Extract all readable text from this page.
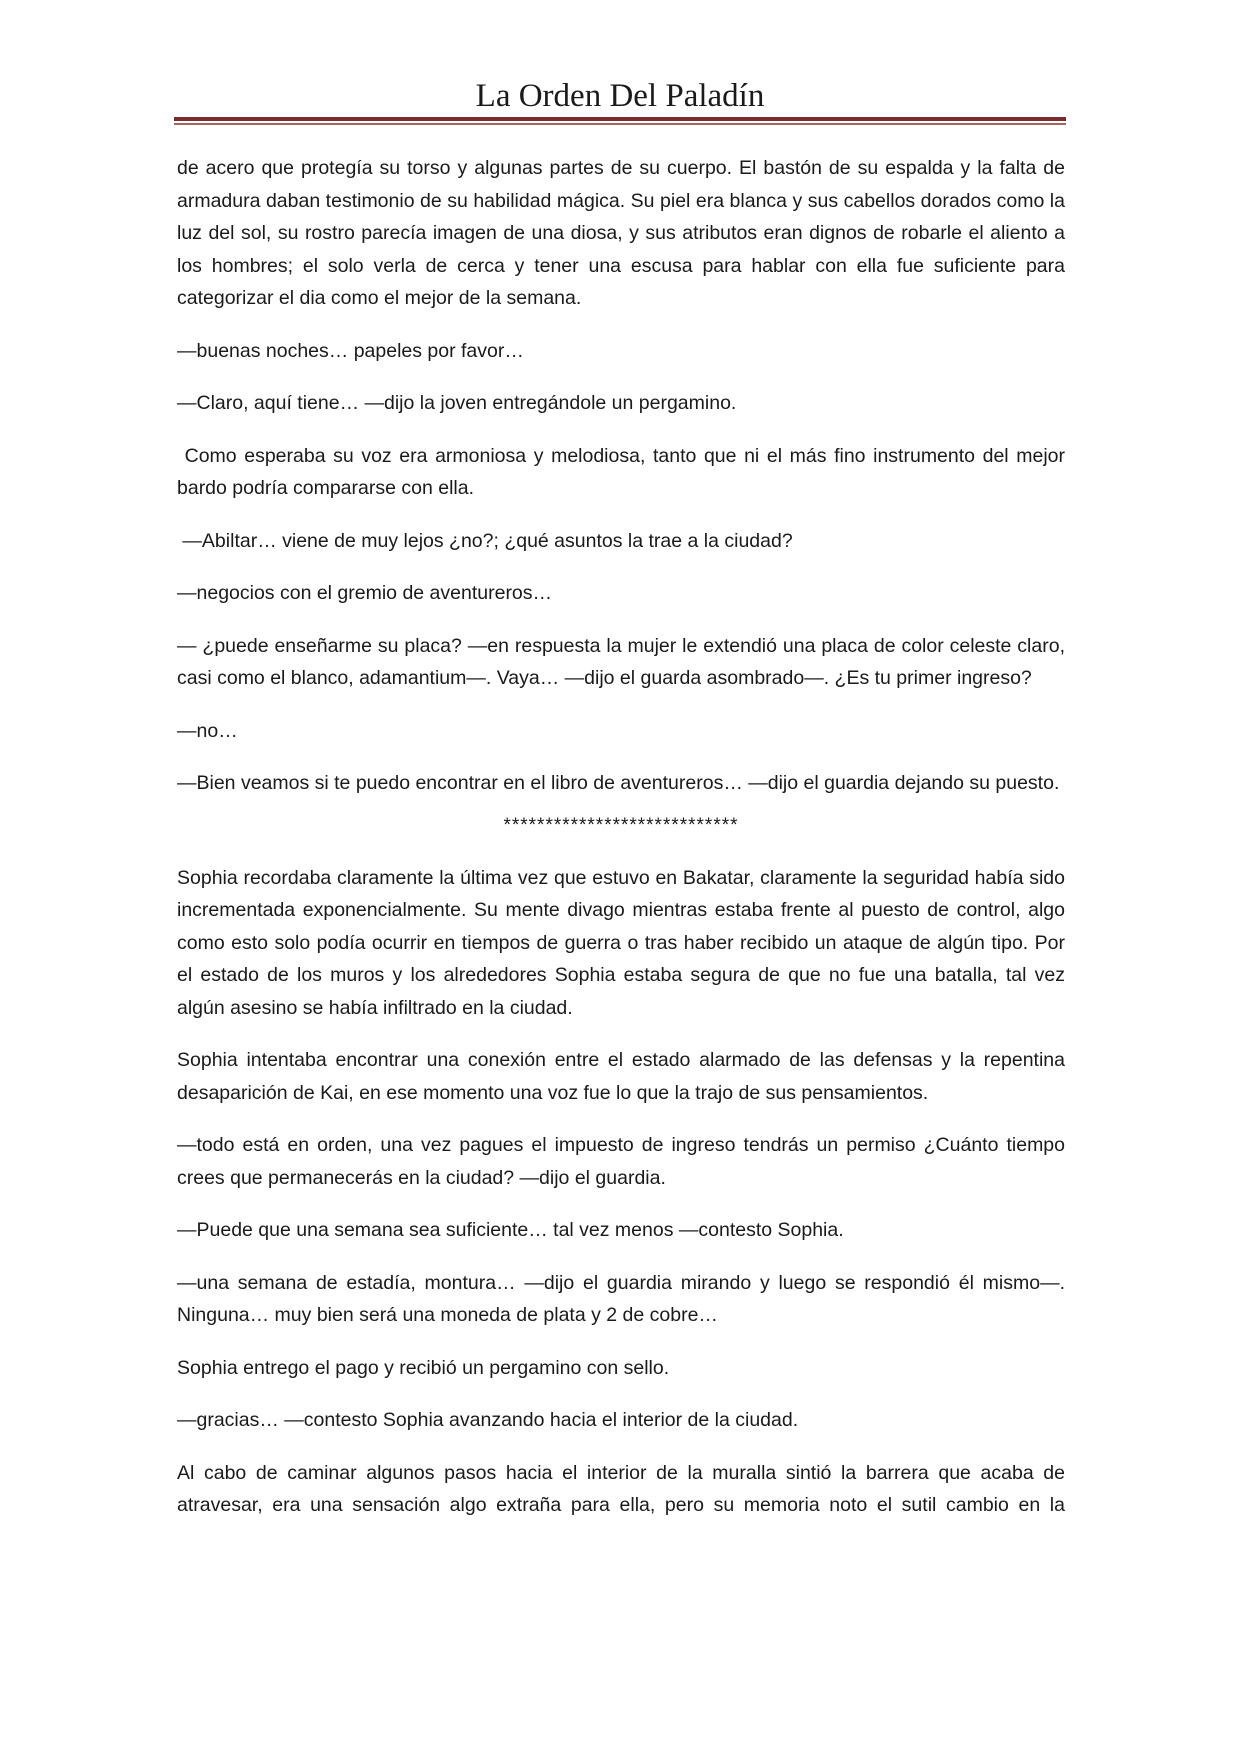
La Orden Del Paladín

de acero que protegía su torso y algunas partes de su cuerpo. El bastón de su espalda y la falta de armadura daban testimonio de su habilidad mágica. Su piel era blanca y sus cabellos dorados como la luz del sol, su rostro parecía imagen de una diosa, y sus atributos eran dignos de robarle el aliento a los hombres; el solo verla de cerca y tener una escusa para hablar con ella fue suficiente para categorizar el dia como el mejor de la semana.

—buenas noches… papeles por favor…

—Claro, aquí tiene… —dijo la joven entregándole un pergamino.

Como esperaba su voz era armoniosa y melodiosa, tanto que ni el más fino instrumento del mejor bardo podría compararse con ella.

—Abiltar… viene de muy lejos ¿no?; ¿qué asuntos la trae a la ciudad?

—negocios con el gremio de aventureros…

— ¿puede enseñarme su placa? —en respuesta la mujer le extendió una placa de color celeste claro, casi como el blanco, adamantium—. Vaya… —dijo el guarda asombrado—. ¿Es tu primer ingreso?

—no…

—Bien veamos si te puedo encontrar en el libro de aventureros… —dijo el guardia dejando su puesto.

****************************

Sophia recordaba claramente la última vez que estuvo en Bakatar, claramente la seguridad había sido incrementada exponencialmente. Su mente divago mientras estaba frente al puesto de control, algo como esto solo podía ocurrir en tiempos de guerra o tras haber recibido un ataque de algún tipo. Por el estado de los muros y los alrededores Sophia estaba segura de que no fue una batalla, tal vez algún asesino se había infiltrado en la ciudad.

Sophia intentaba encontrar una conexión entre el estado alarmado de las defensas y la repentina desaparición de Kai, en ese momento una voz fue lo que la trajo de sus pensamientos.

—todo está en orden, una vez pagues el impuesto de ingreso tendrás un permiso ¿Cuánto tiempo crees que permanecerás en la ciudad? —dijo el guardia.

—Puede que una semana sea suficiente… tal vez menos —contesto Sophia.

—una semana de estadía, montura… —dijo el guardia mirando y luego se respondió él mismo—. Ninguna… muy bien será una moneda de plata y 2 de cobre…

Sophia entrego el pago y recibió un pergamino con sello.

—gracias… —contesto Sophia avanzando hacia el interior de la ciudad.

Al cabo de caminar algunos pasos hacia el interior de la muralla sintió la barrera que acaba de atravesar, era una sensación algo extraña para ella, pero su memoria noto el sutil cambio en la
